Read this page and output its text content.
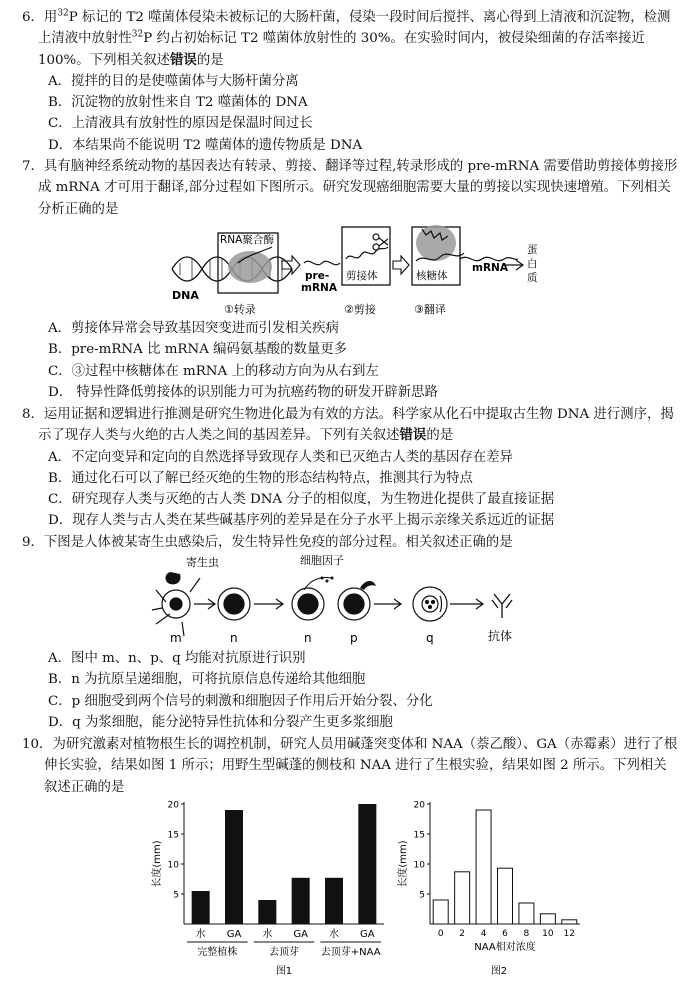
6．用$^{32}$P 标记的 T2 噬菌体侵染未被标记的大肠杆菌，侵染一段时间后搅拌、离心得到上清液和沉淀物，检测上清液中放射性$^{32}$P 约占初始标记 T2 噬菌体放射性的 30%。在实验时间内，被侵染细菌的存活率接近 100%。下列相关叙述错误的是
A．搅拌的目的是使噬菌体与大肠杆菌分离
B．沉淀物的放射性来自 T2 噬菌体的 DNA
C．上清液具有放射性的原因是保温时间过长
D．本结果尚不能说明 T2 噬菌体的遗传物质是 DNA
7．具有脑神经系统动物的基因表达有转录、剪接、翻译等过程,转录形成的 pre-mRNA 需要借助剪接体剪接形成 mRNA 才可用于翻译,部分过程如下图所示。研究发现癌细胞需要大量的剪接以实现快速增殖。下列相关分析正确的是
RNA聚合酶
DNA
pre-
mRNA
剪接体	核糖体
mRNA
蛋
白
质
①转录	②剪接	③翻译
A．剪接体异常会导致基因突变进而引发相关疾病
B．pre-mRNA 比 mRNA 编码氨基酸的数量更多
C．③过程中核糖体在 mRNA 上的移动方向为从右到左
D． 特异性降低剪接体的识别能力可为抗癌药物的研发开辟新思路
8．运用证据和逻辑进行推测是研究生物进化最为有效的方法。科学家从化石中提取古生物 DNA 进行测序，揭示了现存人类与火绝的古人类之间的基因差异。下列有关叙述错误的是
A．不定向变异和定向的自然选择导致现存人类和已灭绝古人类的基因存在差异
B．通过化石可以了解已经灭绝的生物的形态结构特点，推测其行为特点
C．研究现存人类与灭绝的古人类 DNA 分子的相似度，为生物进化提供了最直接证据
D．现存人类与古人类在某些碱基序列的差异是在分子水平上揭示亲缘关系远近的证据
9．下图是人体被某寄生虫感染后，发生特异性免疫的部分过程。相关叙述正确的是
寄生虫	细胞因子
抗体
m	n	n	p	q
A．图中 m、n、p、q 均能对抗原进行识别
B．n 为抗原呈递细胞，可将抗原信息传递给其他细胞
C．p 细胞受到两个信号的刺激和细胞因子作用后开始分裂、分化
D．q 为浆细胞，能分泌特异性抗体和分裂产生更多浆细胞
10．为研究激素对植物根生长的调控机制，研究人员用碱蓬突变体和 NAA（萘乙酸）、GA（赤霉素）进行了根伸长实验，结果如图 1 所示；用野生型碱蓬的侧枝和 NAA 进行了生根实验，结果如图 2 所示。下列相关叙述正确的是
5
10
15
20
长度(mm)
水 GA 水 GA 水 GA
完整植株	去顶芽 去顶芽+NAA
图1
5
10
15
20
长度(mm)
0 2 4 6 8 10 12
NAA相对浓度
图2
